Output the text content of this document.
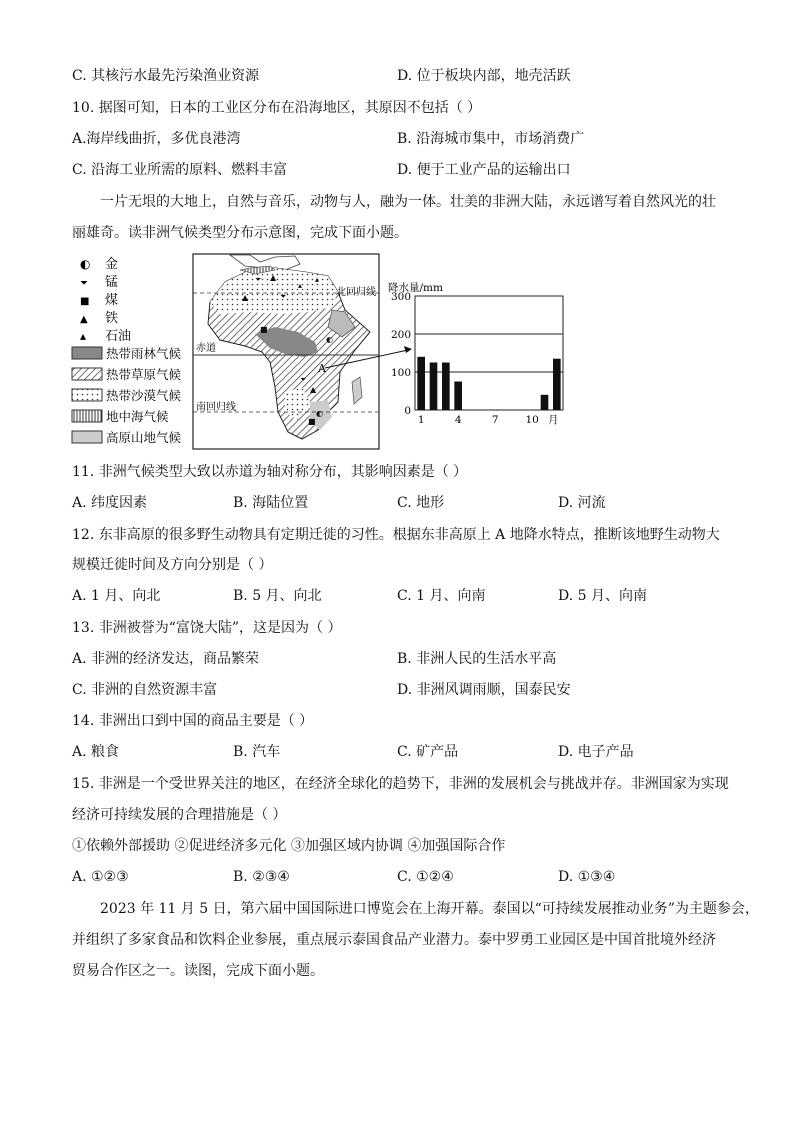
C. 其核污水最先污染渔业资源	D. 位于板块内部，地壳活跃
10. 据图可知，日本的工业区分布在沿海地区，其原因不包括（ ）
A.海岸线曲折，多优良港湾	B. 沿海城市集中，市场消费广
C. 沿海工业所需的原料、燃料丰富	D. 便于工业产品的运输出口
一片无垠的大地上，自然与音乐，动物与人，融为一体。壮美的非洲大陆，永远谱写着自然风光的壮
丽雄奇。读非洲气候类型分布示意图，完成下面小题。
◐ 金
⏷ 锰
■ 煤
▲ 铁
▴ 石油
热带雨林气候
热带草原气候
热带沙漠气候
地中海气候
高原山地气候
北回归线
赤道
南回归线
⏷ ▲
▴
▴
▲	⏷
■
◐
⏷
▲
◐
■
A
降水量/mm
300
200
100
0
1	4	7	10 月
11. 非洲气候类型大致以赤道为轴对称分布，其影响因素是（ ）
A. 纬度因素	B. 海陆位置	C. 地形	D. 河流
12. 东非高原的很多野生动物具有定期迁徙的习性。根据东非高原上 A 地降水特点，推断该地野生动物大
规模迁徙时间及方向分别是（ ）
A. 1 月、向北	B. 5 月、向北	C. 1 月、向南	D. 5 月、向南
13. 非洲被誉为“富饶大陆”，这是因为（ ）
A. 非洲的经济发达，商品繁荣	B. 非洲人民的生活水平高
C. 非洲的自然资源丰富	D. 非洲风调雨顺，国泰民安
14. 非洲出口到中国的商品主要是（ ）
A. 粮食	B. 汽车	C. 矿产品	D. 电子产品
15. 非洲是一个受世界关注的地区，在经济全球化的趋势下，非洲的发展机会与挑战并存。非洲国家为实现
经济可持续发展的合理措施是（ ）
①依赖外部援助 ②促进经济多元化 ③加强区域内协调 ④加强国际合作
A. ①②③	B. ②③④	C. ①②④	D. ①③④
2023 年 11 月 5 日，第六届中国国际进口博览会在上海开幕。泰国以“可持续发展推动业务”为主题参会，
并组织了多家食品和饮料企业参展，重点展示泰国食品产业潜力。泰中罗勇工业园区是中国首批境外经济
贸易合作区之一。读图，完成下面小题。
